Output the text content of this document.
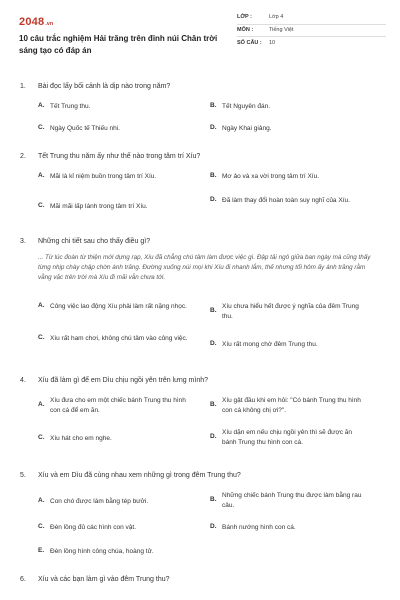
2048 .vn
10 câu trắc nghiệm Hải trăng trên đỉnh núi Chân trời sáng tạo có đáp án
LỚP :	Lớp 4
MÔN :	Tiếng Việt
SỐ CÂU :	10
1.	Bài đọc lấy bối cảnh là dịp nào trong năm?
A. Tết Trung thu.	B. Tết Nguyên đán.
C. Ngày Quốc tế Thiếu nhi.	D. Ngày Khai giảng.
2.	Tết Trung thu năm ấy như thế nào trong tâm trí Xíu?
A. Mãi là kỉ niệm buồn trong tâm trí Xíu.	B. Mơ ảo và xa vời trong tâm trí Xíu.
C. Mãi mãi lấp lánh trong tâm trí Xíu.
D. Đã làm thay đổi hoàn toàn suy nghĩ của Xíu.
3.	Những chi tiết sau cho thấy điều gì?
... Từ lúc đoàn từ thiện mới dựng rạp, Xíu đã chẳng chú tâm làm được việc gì. Đập tải ngô giữa ban ngày mà cũng thấy từng nhịp chày chập chờn ánh trăng. Đường xuống núi mọi khi Xíu đi nhanh lắm, thế nhưng tối hôm ấy ánh trăng rằm vằng vặc trên trời mà Xíu đi mãi vẫn chưa tới.
A. Công việc lao động Xíu phải làm rất nặng nhọc.
B.
Xíu chưa hiểu hết được ý nghĩa của đêm Trung thu.
C. Xíu rất ham chơi, không chú tâm vào công việc.
D. Xíu rất mong chờ đêm Trung thu.
4.	Xíu đã làm gì để em Dìu chịu ngồi yên trên lưng mình?
A.
Xíu đưa cho em một chiếc bánh Trung thu hình con cá để em ăn.
B.
Xíu gật đầu khi em hỏi: "Có bánh Trung thu hình con cá không chị ơi?".
C. Xíu hát cho em nghe.	D.
Xíu dặn em nếu chịu ngồi yên thì sẽ được ăn bánh Trung thu hình con cá.
5.	Xíu và em Dìu đã cùng nhau xem những gì trong đêm Trung thu?
A. Con chó được làm bằng tép bưởi.	B.
Những chiếc bánh Trung thu được làm bằng rau câu.
C. Đèn lồng đủ các hình con vật.	D. Bánh nướng hình con cá.
E. Đèn lồng hình công chúa, hoàng tử.
6.	Xíu và các bạn làm gì vào đêm Trung thu?
